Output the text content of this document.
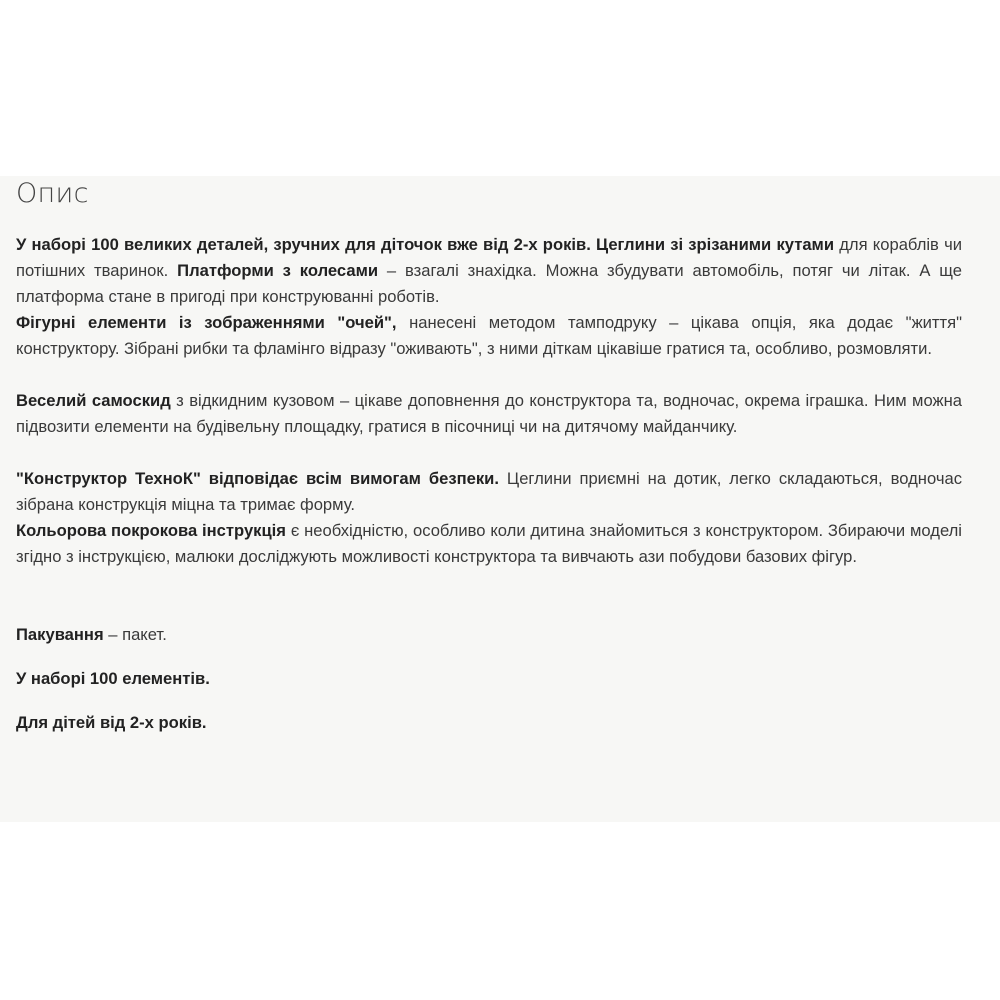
Опис

У наборі 100 великих деталей, зручних для діточок вже від 2-х років. Цеглини зі зрізаними кутами для кораблів чи потішних тваринок. Платформи з колесами – взагалі знахідка. Можна збудувати автомобіль, потяг чи літак. А ще платформа стане в пригоді при конструюванні роботів.

Фігурні елементи із зображеннями "очей", нанесені методом тамподруку – цікава опція, яка додає "життя" конструктору. Зібрані рибки та фламінго відразу "оживають", з ними діткам цікавіше гратися та, особливо, розмовляти.

Веселий самоскид з відкидним кузовом – цікаве доповнення до конструктора та, водночас, окрема іграшка. Ним можна підвозити елементи на будівельну площадку, гратися в пісочниці чи на дитячому майданчику.

"Конструктор ТехноК" відповідає всім вимогам безпеки. Цеглини приємні на дотик, легко складаються, водночас зібрана конструкція міцна та тримає форму.

Кольорова покрокова інструкція є необхідністю, особливо коли дитина знайомиться з конструктором. Збираючи моделі згідно з інструкцією, малюки досліджують можливості конструктора та вивчають ази побудови базових фігур.

Пакування – пакет.

У наборі 100 елементів.

Для дітей від 2-х років.
